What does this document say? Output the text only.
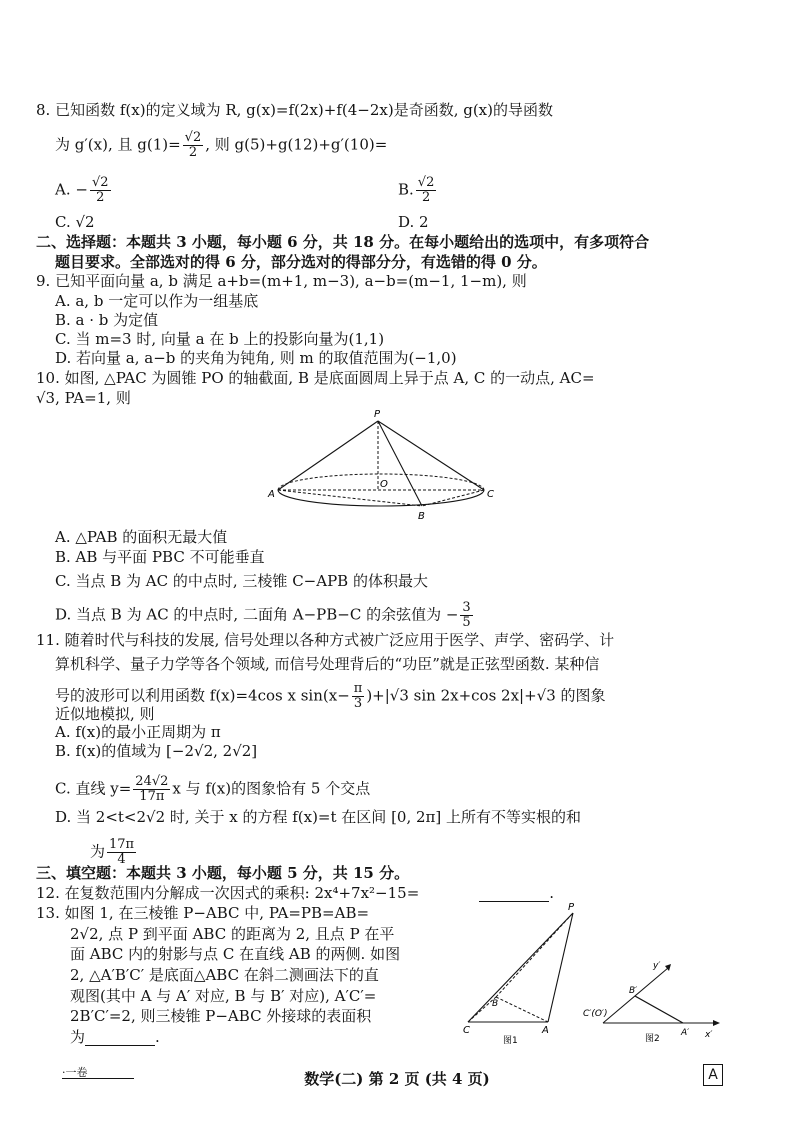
8. 已知函数 f(x)的定义域为 R, g(x)=f(2x)+f(4−2x)是奇函数, g(x)的导函数
为 g′(x), 且 $g(1)= \frac{√2}{2}$ , 则 g(5)+g(12)+g′(10)=
A. − $\frac{√2}{2}$	B. $\frac{√2}{2}$
C. √2	D. 2
二、选择题：本题共 3 小题，每小题 6 分，共 18 分。在每小题给出的选项中，有多项符合
题目要求。全部选对的得 6 分，部分选对的得部分分，有选错的得 0 分。
9. 已知平面向量 a, b 满足 a+b=(m+1, m−3), a−b=(m−1, 1−m), 则
A. a, b 一定可以作为一组基底
B. a · b 为定值
C. 当 m=3 时, 向量 a 在 b 上的投影向量为(1,1)
D. 若向量 a, a−b 的夹角为钝角, 则 m 的取值范围为(−1,0)
10. 如图, △PAC 为圆锥 PO 的轴截面, B 是底面圆周上异于点 A, C 的一动点, AC=
√3, PA=1, 则
P
A	C
O
B
A. △PAB 的面积无最大值
B. AB 与平面 PBC 不可能垂直
C. 当点 B 为 AC 的中点时, 三棱锥 C−APB 的体积最大
D. 当点 B 为 AC 的中点时, 二面角 A−PB−C 的余弦值为 − $\frac{3}{5}$
11. 随着时代与科技的发展, 信号处理以各种方式被广泛应用于医学、声学、密码学、计
算机科学、量子力学等各个领域, 而信号处理背后的“功臣”就是正弦型函数. 某种信
号的波形可以利用函数 f(x)=4cos x $\sin(x- \frac{\pi}{3} )+|√3$ sin 2x+cos 2x|+√3 的图象
近似地模拟, 则
A. f(x)的最小正周期为 π
B. f(x)的值域为 [−2√2, 2√2]
C. 直线 $y= \frac{24√2}{17\pi}$ x 与 f(x)的图象恰有 5 个交点
D. 当 2<t<2√2 时, 关于 x 的方程 f(x)=t 在区间 [0, 2π] 上所有不等实根的和
为 $\frac{17\pi}{4}$
三、填空题：本题共 3 小题，每小题 5 分，共 15 分。
12. 在复数范围内分解成一次因式的乘积: 2x⁴+7x²−15=	.
13. 如图 1, 在三棱锥 P−ABC 中, PA=PB=AB=
2√2, 点 P 到平面 ABC 的距离为 2, 且点 P 在平
面 ABC 内的射影与点 C 在直线 AB 的两侧. 如图
2, △A′B′C′ 是底面△ABC 在斜二测画法下的直
观图(其中 A 与 A′ 对应, B 与 B′ 对应), A′C′=
2B′C′=2, 则三棱锥 P−ABC 外接球的表面积
为	.
P
B
C	A
图1
y′
B′
C′(O′)
A′ x′
图2
·一卷	数学(二) 第 2 页 (共 4 页)	A
